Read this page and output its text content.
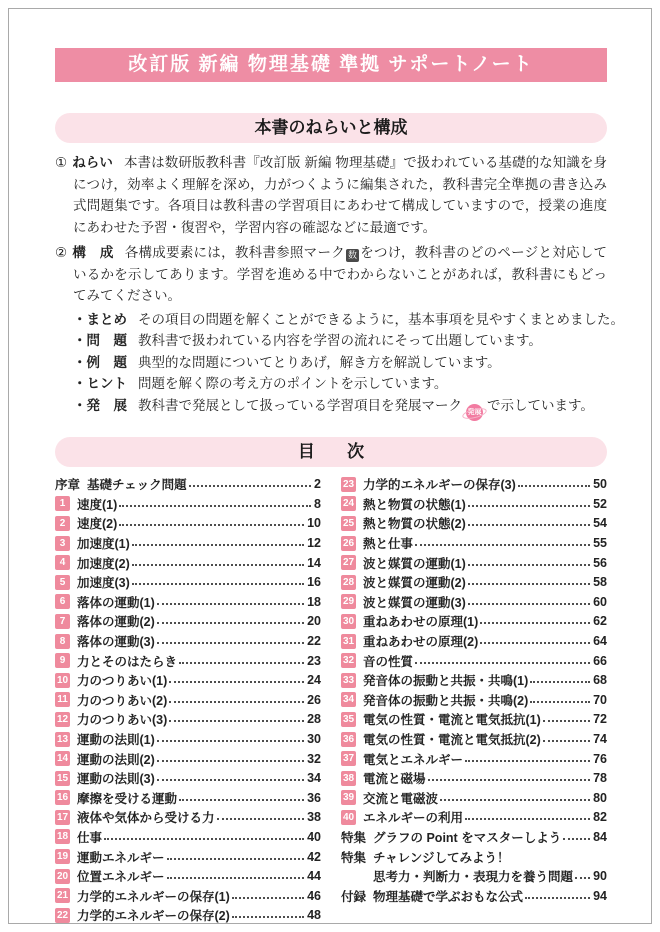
改訂版 新編 物理基礎 準拠 サポートノート
本書のねらいと構成
① ねらい 本書は数研版教科書『改訂版 新編 物理基礎』で扱われている基礎的な知識を身につけ，効率よく理解を深め，力がつくように編集された，教科書完全準拠の書き込み式問題集です。各項目は教科書の学習項目にあわせて構成していますので，授業の進度にあわせた予習・復習や，学習内容の確認などに最適です。
② 構　成 各構成要素には，教科書参照マーク 数 をつけ，教科書のどのページと対応しているかを示してあります。学習を進める中でわからないことがあれば，教科書にもどってみてください。
・まとめ その項目の問題を解くことができるように，基本事項を見やすくまとめました。
・問　題 教科書で扱われている内容を学習の流れにそって出題しています。
・例　題 典型的な問題についてとりあげ，解き方を解説しています。
・ヒント 問題を解く際の考え方のポイントを示しています。
・発　展 教科書で発展として扱っている学習項目を発展マーク 発展 で示しています。
目　次
序章 基礎チェック問題	2
1 速度(1)	8
2 速度(2)	10
3 加速度(1)	12
4 加速度(2)	14
5 加速度(3)	16
6 落体の運動(1)	18
7 落体の運動(2)	20
8 落体の運動(3)	22
9 力とそのはたらき	23
10 力のつりあい(1)	24
11 力のつりあい(2)	26
12 力のつりあい(3)	28
13 運動の法則(1)	30
14 運動の法則(2)	32
15 運動の法則(3)	34
16 摩擦を受ける運動	36
17 液体や気体から受ける力	38
18 仕事	40
19 運動エネルギー	42
20 位置エネルギー	44
21 力学的エネルギーの保存(1)	46
22 力学的エネルギーの保存(2)	48
23 力学的エネルギーの保存(3)	50
24 熱と物質の状態(1)	52
25 熱と物質の状態(2)	54
26 熱と仕事	55
27 波と媒質の運動(1)	56
28 波と媒質の運動(2)	58
29 波と媒質の運動(3)	60
30 重ねあわせの原理(1)	62
31 重ねあわせの原理(2)	64
32 音の性質	66
33 発音体の振動と共振・共鳴(1)	68
34 発音体の振動と共振・共鳴(2)	70
35 電気の性質・電流と電気抵抗(1)	72
36 電気の性質・電流と電気抵抗(2)	74
37 電気とエネルギー	76
38 電流と磁場	78
39 交流と電磁波	80
40 エネルギーの利用	82
特集 グラフの Point をマスターしよう	84
特集 チャレンジしてみよう！
思考力・判断力・表現力を養う問題 90
付録 物理基礎で学ぶおもな公式	94
